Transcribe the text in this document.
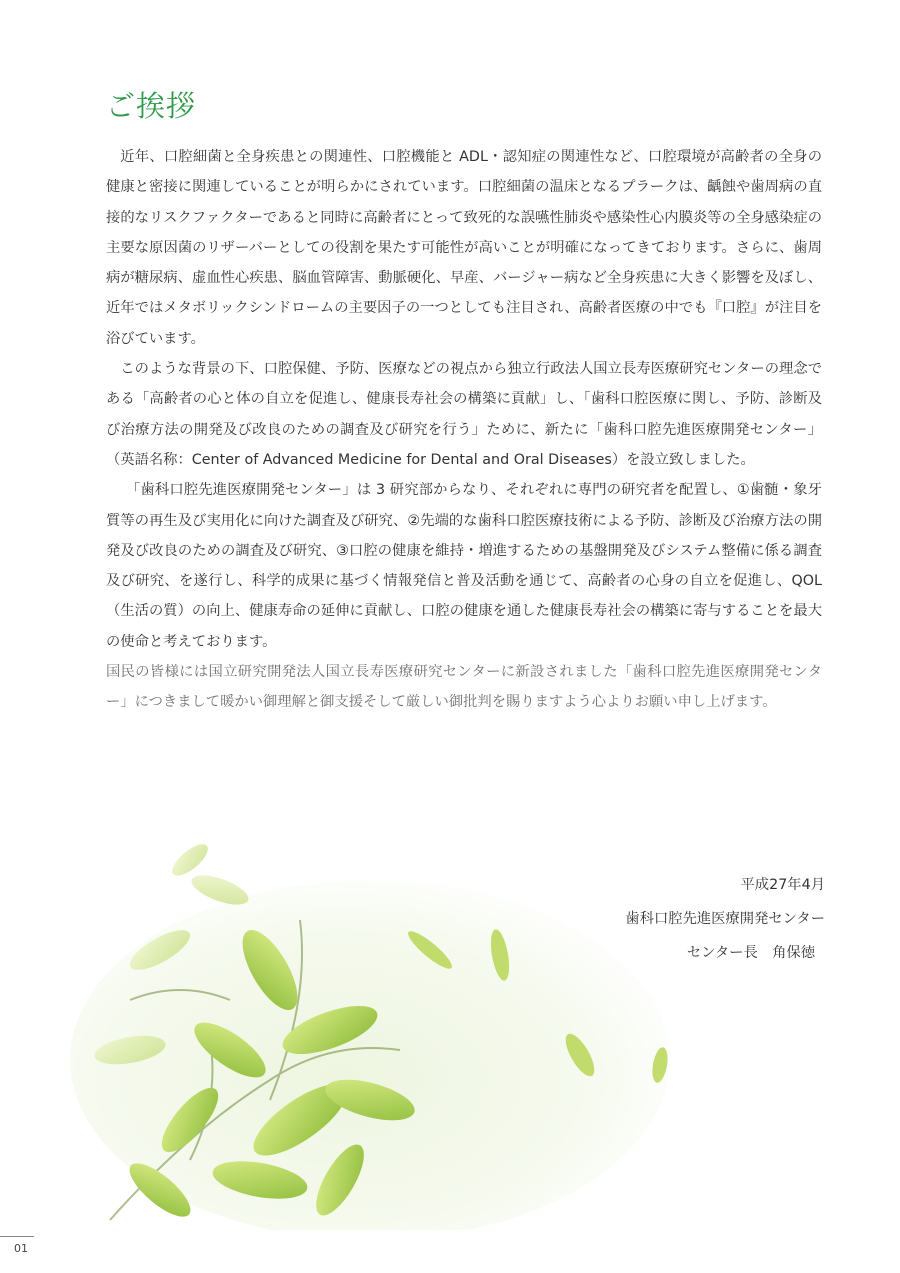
ご挨拶

近年、口腔細菌と全身疾患との関連性、口腔機能と ADL・認知症の関連性など、口腔環境が高齢者の全身の健康と密接に関連していることが明らかにされています。口腔細菌の温床となるプラークは、齲蝕や歯周病の直接的なリスクファクターであると同時に高齢者にとって致死的な誤嚥性肺炎や感染性心内膜炎等の全身感染症の主要な原因菌のリザーバーとしての役割を果たす可能性が高いことが明確になってきております。さらに、歯周病が糖尿病、虚血性心疾患、脳血管障害、動脈硬化、早産、バージャー病など全身疾患に大きく影響を及ぼし、近年ではメタボリックシンドロームの主要因子の一つとしても注目され、高齢者医療の中でも『口腔』が注目を浴びています。

このような背景の下、口腔保健、予防、医療などの視点から独立行政法人国立長寿医療研究センターの理念である「高齢者の心と体の自立を促進し、健康長寿社会の構築に貢献」し、「歯科口腔医療に関し、予防、診断及び治療方法の開発及び改良のための調査及び研究を行う」ために、新たに「歯科口腔先進医療開発センター」（英語名称：Center of Advanced Medicine for Dental and Oral Diseases）を設立致しました。

「歯科口腔先進医療開発センター」は 3 研究部からなり、それぞれに専門の研究者を配置し、①歯髄・象牙質等の再生及び実用化に向けた調査及び研究、②先端的な歯科口腔医療技術による予防、診断及び治療方法の開発及び改良のための調査及び研究、③口腔の健康を維持・増進するための基盤開発及びシステム整備に係る調査及び研究、を遂行し、科学的成果に基づく情報発信と普及活動を通じて、高齢者の心身の自立を促進し、QOL（生活の質）の向上、健康寿命の延伸に貢献し、口腔の健康を通した健康長寿社会の構築に寄与することを最大の使命と考えております。

国民の皆様には国立研究開発法人国立長寿医療研究センターに新設されました「歯科口腔先進医療開発センター」につきまして暖かい御理解と御支援そして厳しい御批判を賜りますよう心よりお願い申し上げます。

平成27年4月
歯科口腔先進医療開発センター
センター長　角保徳
01
